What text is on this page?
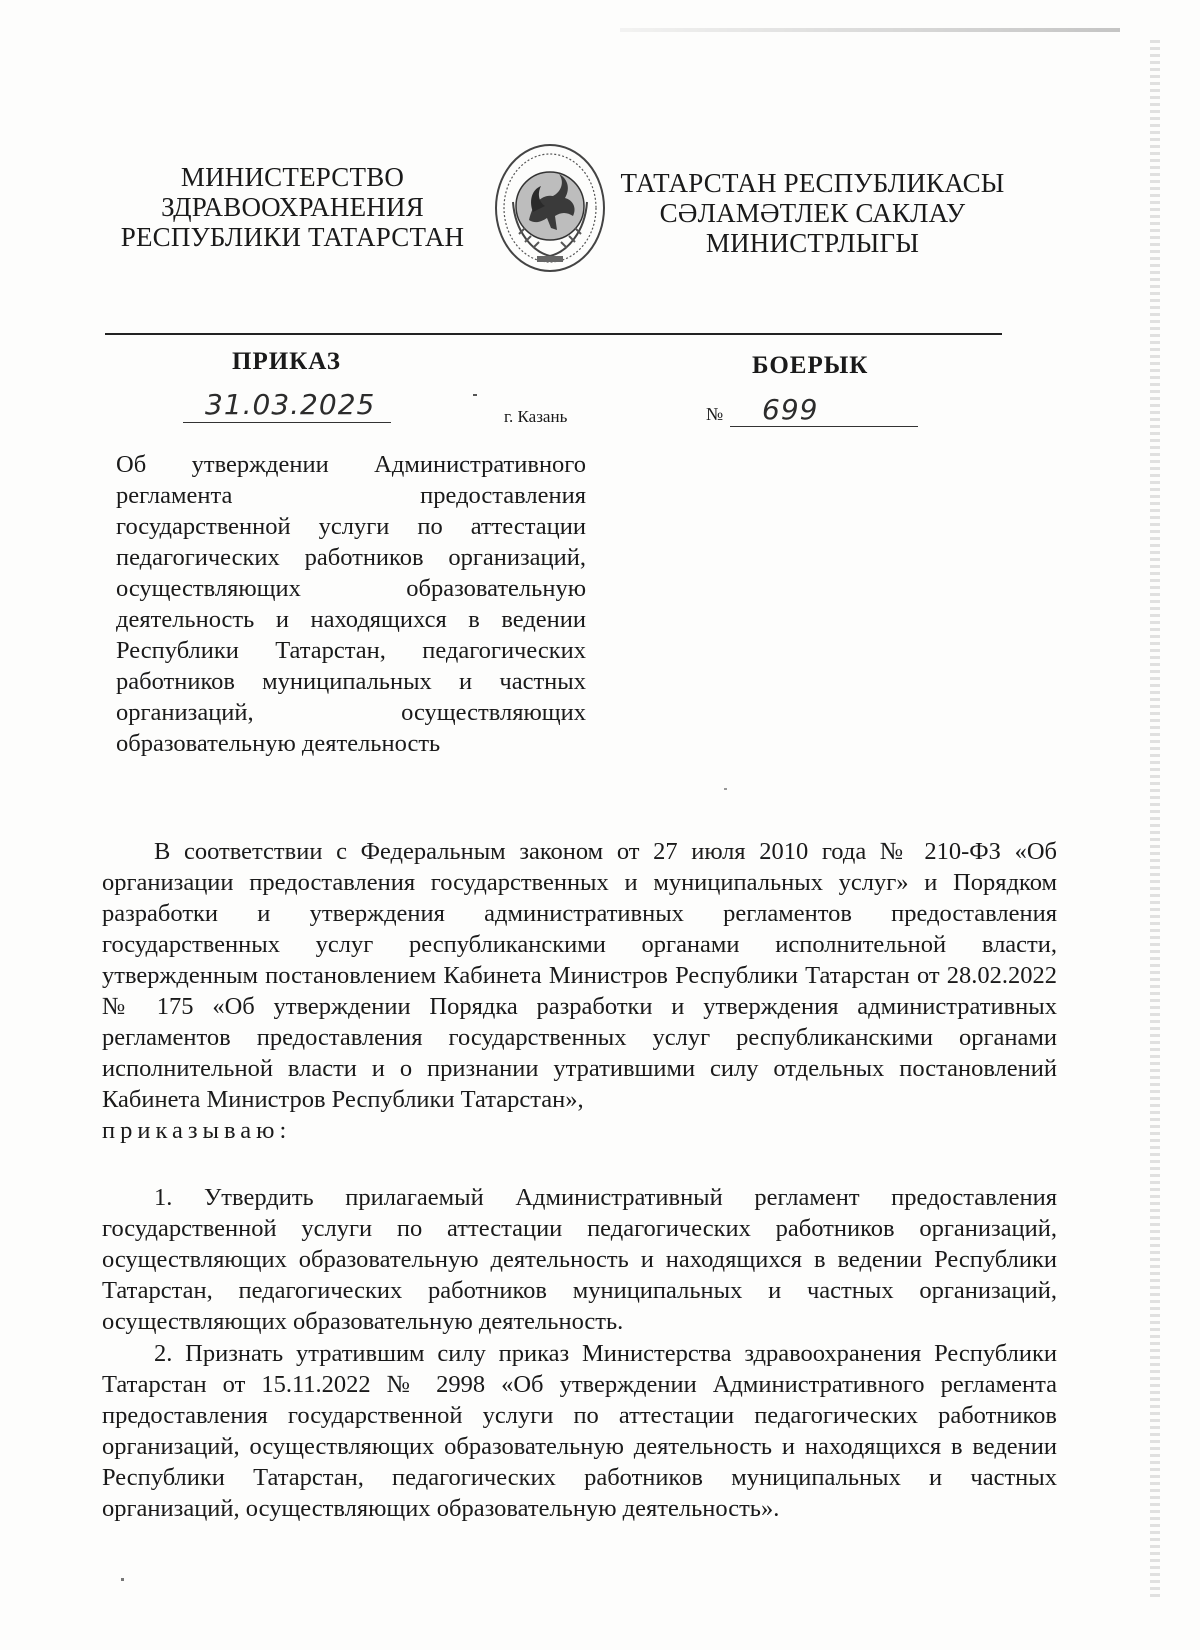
МИНИСТЕРСТВО
ЗДРАВООХРАНЕНИЯ
РЕСПУБЛИКИ ТАТАРСТАН
ТАТАРСТАН РЕСПУБЛИКАСЫ
СӘЛАМӘТЛЕК САКЛАУ
МИНИСТРЛЫГЫ
ПРИКАЗ	БОЕРЫК
31.03.2025	г. Казань	№ 699
Об утверждении Административного
регламента предоставления
государственной услуги по аттестации
педагогических работников организаций,
осуществляющих образовательную
деятельность и находящихся в ведении
Республики Татарстан, педагогических
работников муниципальных и частных
организаций, осуществляющих
образовательную деятельность
В соответствии с Федеральным законом от 27 июля 2010 года № 210-ФЗ «Об организации предоставления государственных и муниципальных услуг» и Порядком разработки и утверждения административных регламентов предоставления государственных услуг республиканскими органами исполнительной власти, утвержденным постановлением Кабинета Министров Республики Татарстан от 28.02.2022 № 175 «Об утверждении Порядка разработки и утверждения административных регламентов предоставления государственных услуг республиканскими органами исполнительной власти и о признании утратившими силу отдельных постановлений Кабинета Министров Республики Татарстан»,
приказываю:
1. Утвердить прилагаемый Административный регламент предоставления государственной услуги по аттестации педагогических работников организаций, осуществляющих образовательную деятельность и находящихся в ведении Республики Татарстан, педагогических работников муниципальных и частных организаций, осуществляющих образовательную деятельность.
2. Признать утратившим силу приказ Министерства здравоохранения Республики Татарстан от 15.11.2022 № 2998 «Об утверждении Административного регламента предоставления государственной услуги по аттестации педагогических работников организаций, осуществляющих образовательную деятельность и находящихся в ведении Республики Татарстан, педагогических работников муниципальных и частных организаций, осуществляющих образовательную деятельность».
